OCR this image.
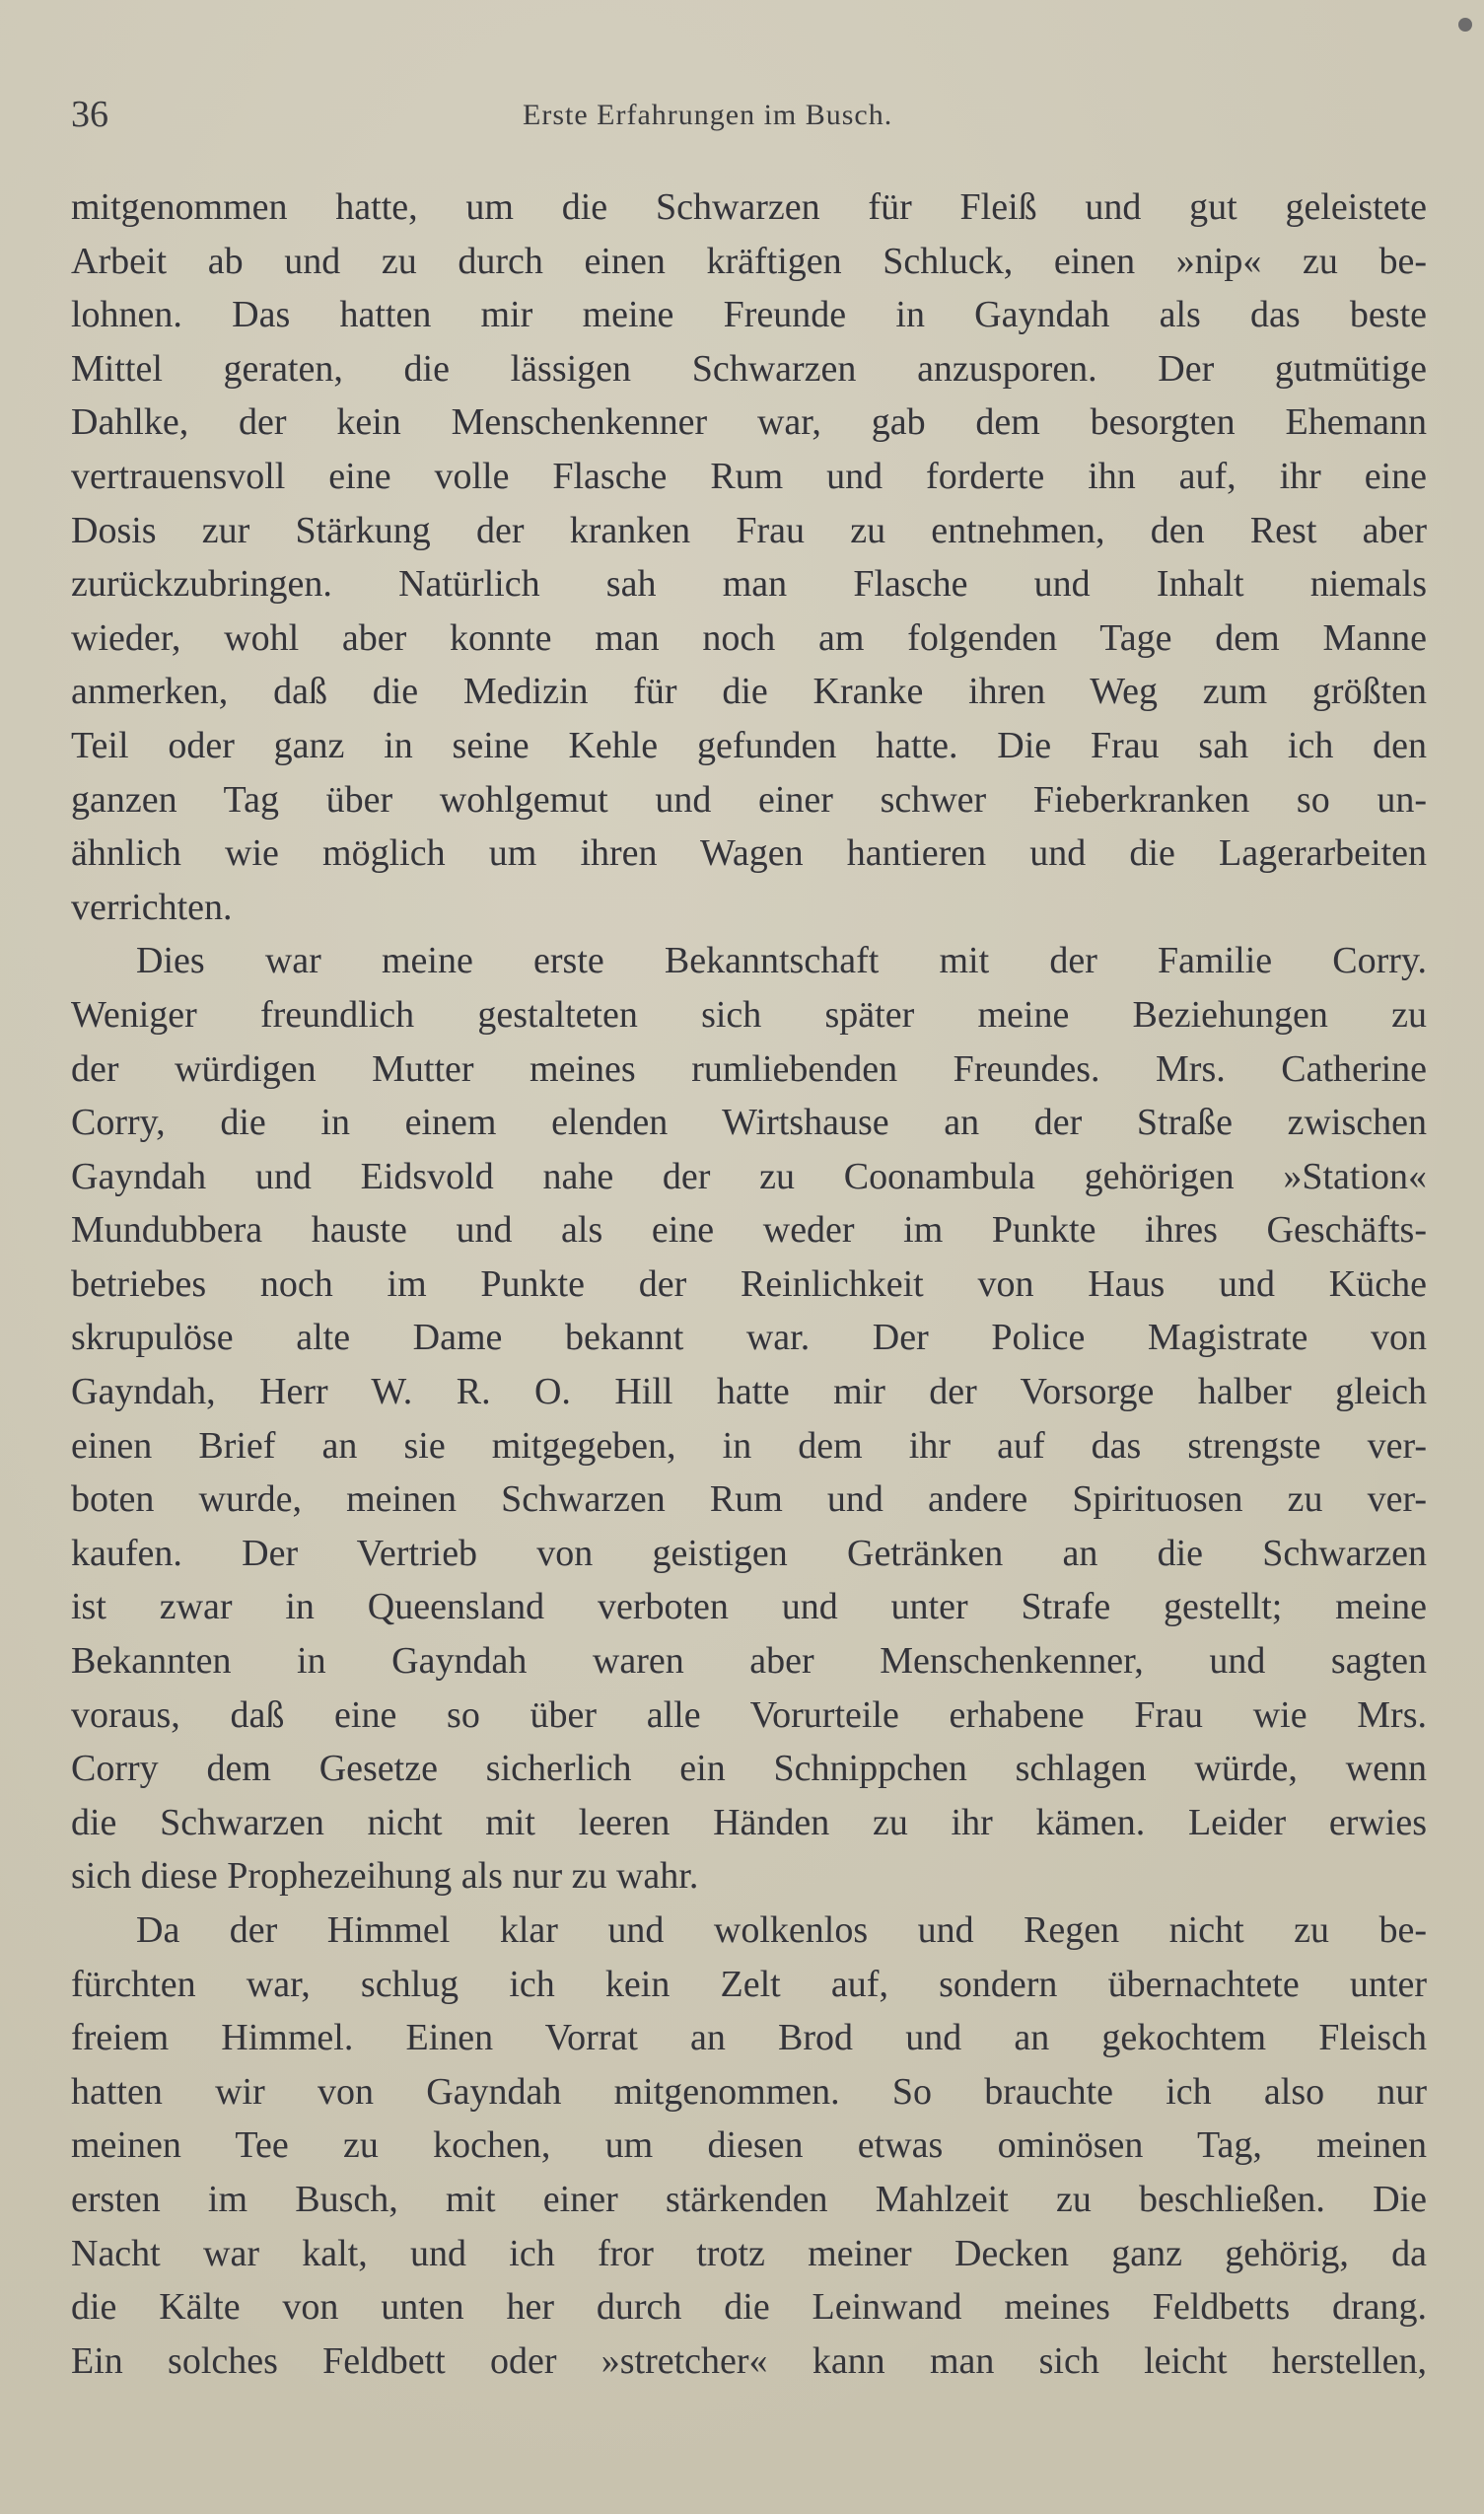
36	Erste Erfahrungen im Busch.
mitgenommen hatte, um die Schwarzen für Fleiß und gut geleistete
Arbeit ab und zu durch einen kräftigen Schluck, einen »nip« zu be-
lohnen. Das hatten mir meine Freunde in Gayndah als das beste
Mittel geraten, die lässigen Schwarzen anzusporen. Der gutmütige
Dahlke, der kein Menschenkenner war, gab dem besorgten Ehemann
vertrauensvoll eine volle Flasche Rum und forderte ihn auf, ihr eine
Dosis zur Stärkung der kranken Frau zu entnehmen, den Rest aber
zurückzubringen. Natürlich sah man Flasche und Inhalt niemals
wieder, wohl aber konnte man noch am folgenden Tage dem Manne
anmerken, daß die Medizin für die Kranke ihren Weg zum größten
Teil oder ganz in seine Kehle gefunden hatte. Die Frau sah ich den
ganzen Tag über wohlgemut und einer schwer Fieberkranken so un-
ähnlich wie möglich um ihren Wagen hantieren und die Lagerarbeiten
verrichten.
Dies war meine erste Bekanntschaft mit der Familie Corry.
Weniger freundlich gestalteten sich später meine Beziehungen zu
der würdigen Mutter meines rumliebenden Freundes. Mrs. Catherine
Corry, die in einem elenden Wirtshause an der Straße zwischen
Gayndah und Eidsvold nahe der zu Coonambula gehörigen »Station«
Mundubbera hauste und als eine weder im Punkte ihres Geschäfts-
betriebes noch im Punkte der Reinlichkeit von Haus und Küche
skrupulöse alte Dame bekannt war. Der Police Magistrate von
Gayndah, Herr W. R. O. Hill hatte mir der Vorsorge halber gleich
einen Brief an sie mitgegeben, in dem ihr auf das strengste ver-
boten wurde, meinen Schwarzen Rum und andere Spirituosen zu ver-
kaufen. Der Vertrieb von geistigen Getränken an die Schwarzen
ist zwar in Queensland verboten und unter Strafe gestellt; meine
Bekannten in Gayndah waren aber Menschenkenner, und sagten
voraus, daß eine so über alle Vorurteile erhabene Frau wie Mrs.
Corry dem Gesetze sicherlich ein Schnippchen schlagen würde, wenn
die Schwarzen nicht mit leeren Händen zu ihr kämen. Leider erwies
sich diese Prophezeihung als nur zu wahr.
Da der Himmel klar und wolkenlos und Regen nicht zu be-
fürchten war, schlug ich kein Zelt auf, sondern übernachtete unter
freiem Himmel. Einen Vorrat an Brod und an gekochtem Fleisch
hatten wir von Gayndah mitgenommen. So brauchte ich also nur
meinen Tee zu kochen, um diesen etwas ominösen Tag, meinen
ersten im Busch, mit einer stärkenden Mahlzeit zu beschließen. Die
Nacht war kalt, und ich fror trotz meiner Decken ganz gehörig, da
die Kälte von unten her durch die Leinwand meines Feldbetts drang.
Ein solches Feldbett oder »stretcher« kann man sich leicht herstellen,
